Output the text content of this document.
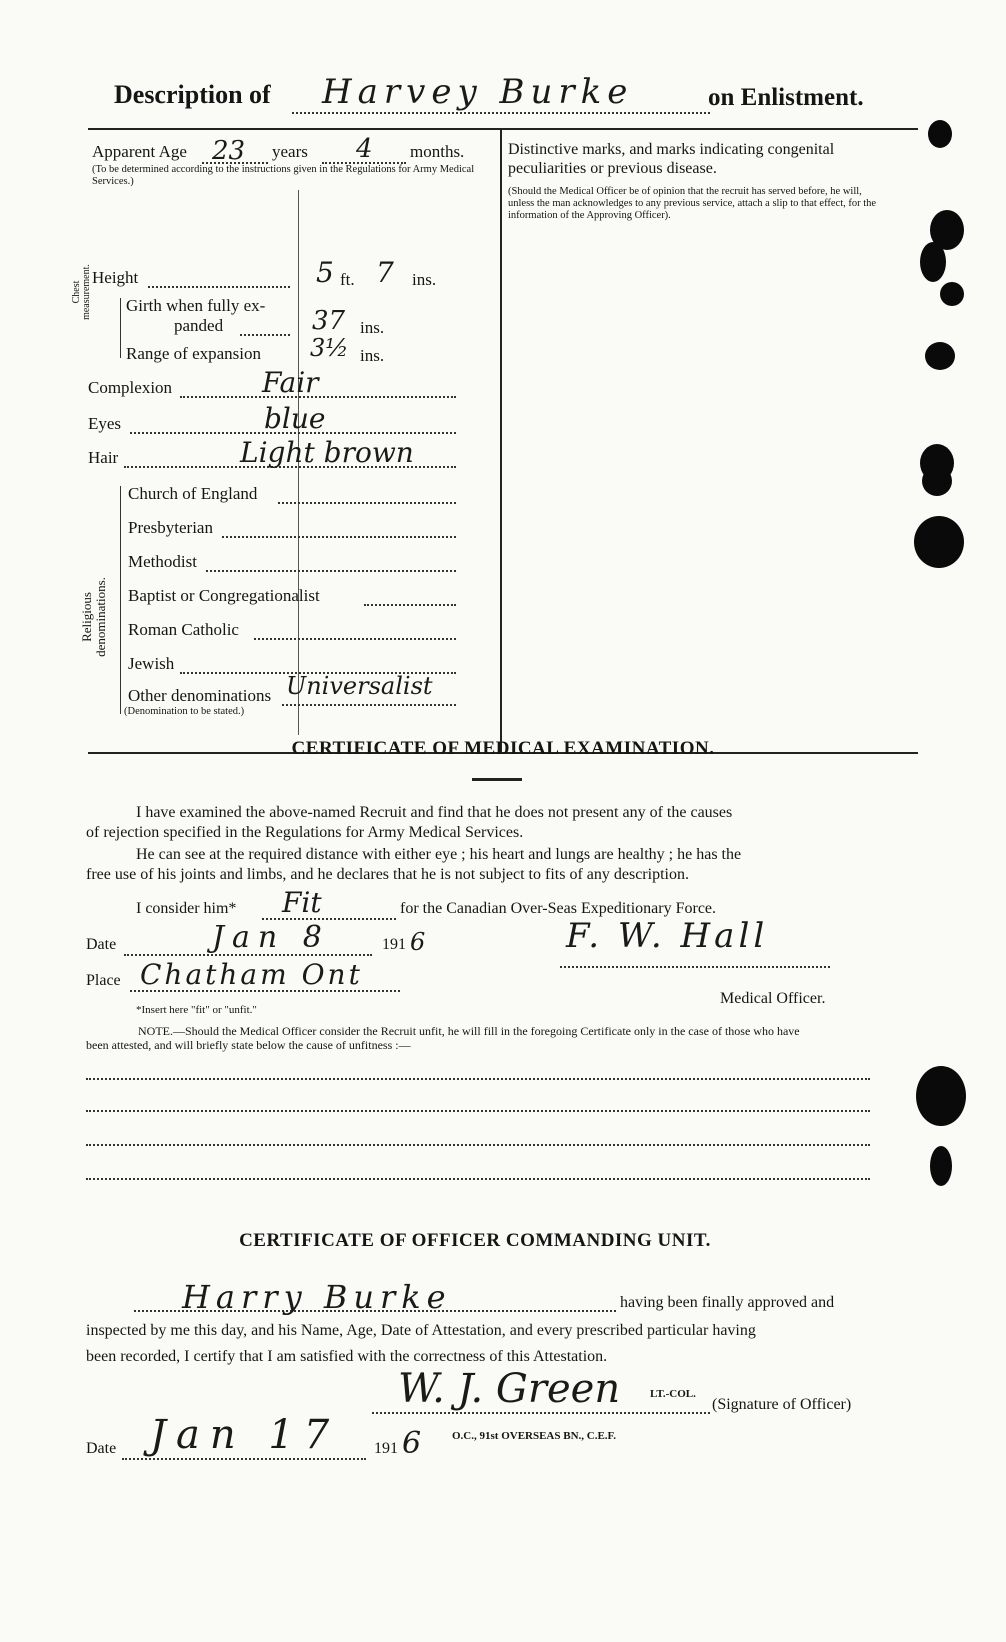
Description of Harvey Burke	on Enlistment.
Apparent Age 23 years 4 months.
(To be determined according to the instructions given in the Regulations for Army Medical Services.)
Height	5 ft. 7 ins.
Chest measurement. Girth when fully ex-
panded	37 ins.
Range of expansion 3½ ins.
Complexion	Fair
Eyes	blue
Hair	Light brown
Religious denominations.
Church of England
Presbyterian
Methodist
Baptist or Congregationalist
Roman Catholic
Jewish
Other denominations Universalist
(Denomination to be stated.)
Distinctive marks, and marks indicating congenital peculiarities or previous disease.
(Should the Medical Officer be of opinion that the recruit has served before, he will, unless the man acknowledges to any previous service, attach a slip to that effect, for the information of the Approving Officer).
CERTIFICATE OF MEDICAL EXAMINATION.
I have examined the above-named Recruit and find that he does not present any of the causes
of rejection specified in the Regulations for Army Medical Services.
He can see at the required distance with either eye ; his heart and lungs are healthy ; he has the
free use of his joints and limbs, and he declares that he is not subject to fits of any description.
I consider him* Fit	for the Canadian Over-Seas Expeditionary Force.
Date	Jan 8	191 6	F. W. Hall
Place Chatham Ont
Medical Officer.
*Insert here "fit" or "unfit."
NOTE.—Should the Medical Officer consider the Recruit unfit, he will fill in the foregoing Certificate only in the case of those who have
been attested, and will briefly state below the cause of unfitness :—
CERTIFICATE OF OFFICER COMMANDING UNIT.
Harry Burke	having been finally approved and
inspected by me this day, and his Name, Age, Date of Attestation, and every prescribed particular having
been recorded, I certify that I am satisfied with the correctness of this Attestation.
W. J. Green	LT.-COL.
O.C., 91st OVERSEAS BN., C.E.F.
(Signature of Officer)
Date Jan 17 191 6
